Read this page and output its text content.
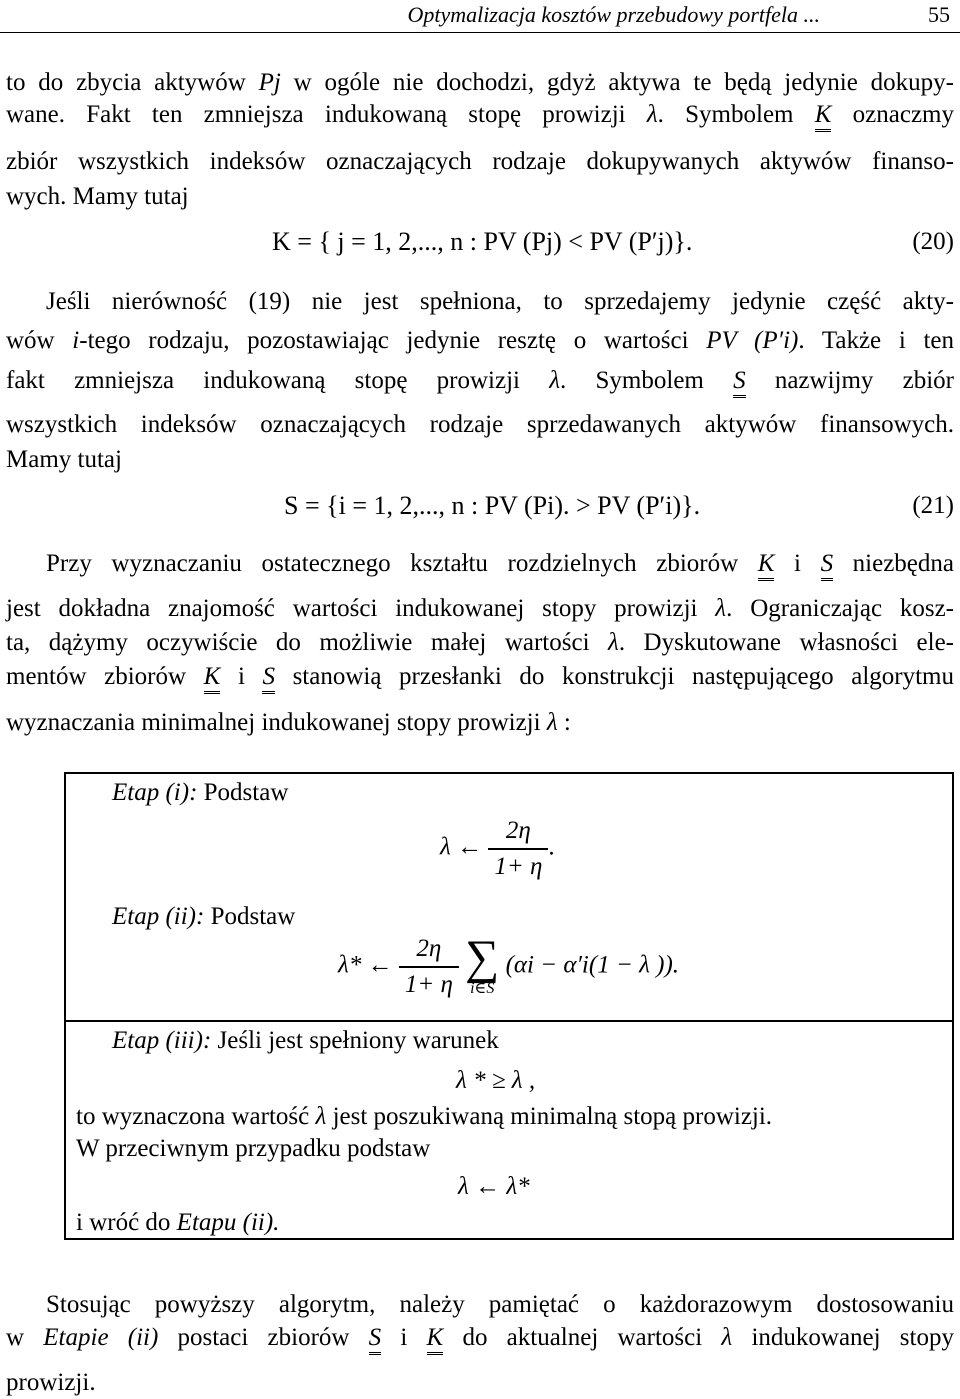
Optymalizacja kosztów przebudowy portfela ...	55
to do zbycia aktywów Pj w ogóle nie dochodzi, gdyż aktywa te będą jedynie dokupy-
wane. Fakt ten zmniejsza indukowaną stopę prowizji λ. Symbolem K oznaczmy
zbiór wszystkich indeksów oznaczających rodzaje dokupywanych aktywów finanso-
wych. Mamy tutaj
K = { j = 1, 2,..., n : PV (Pj) < PV (P′j)}.	(20)
Jeśli nierówność (19) nie jest spełniona, to sprzedajemy jedynie część akty-
wów i-tego rodzaju, pozostawiając jedynie resztę o wartości PV (P′i). Także i ten
fakt zmniejsza indukowaną stopę prowizji λ. Symbolem S nazwijmy zbiór
wszystkich indeksów oznaczających rodzaje sprzedawanych aktywów finansowych.
Mamy tutaj
S = {i = 1, 2,..., n : PV (Pi). > PV (P′i)}.	(21)
Przy wyznaczaniu ostatecznego kształtu rozdzielnych zbiorów K i S niezbędna
jest dokładna znajomość wartości indukowanej stopy prowizji λ. Ograniczając kosz-
ta, dążymy oczywiście do możliwie małej wartości λ. Dyskutowane własności ele-
mentów zbiorów K i S stanowią przesłanki do konstrukcji następującego algorytmu
wyznaczania minimalnej indukowanej stopy prowizji λ :
Etap (i): Podstaw
λ ← $\frac{2\eta}{1+ \eta}$ .
Etap (ii): Podstaw
λ* ← $\frac{2\eta}{1+ \eta}$
∑
i∈S
(αi − α′i(1 − λ )).
Etap (iii): Jeśli jest spełniony warunek
λ * ≥ λ ,
to wyznaczona wartość λ jest poszukiwaną minimalną stopą prowizji.
W przeciwnym przypadku podstaw
λ ← λ*
i wróć do Etapu (ii).
Stosując powyższy algorytm, należy pamiętać o każdorazowym dostosowaniu
w Etapie (ii) postaci zbiorów S i K do aktualnej wartości λ indukowanej stopy
prowizji.
